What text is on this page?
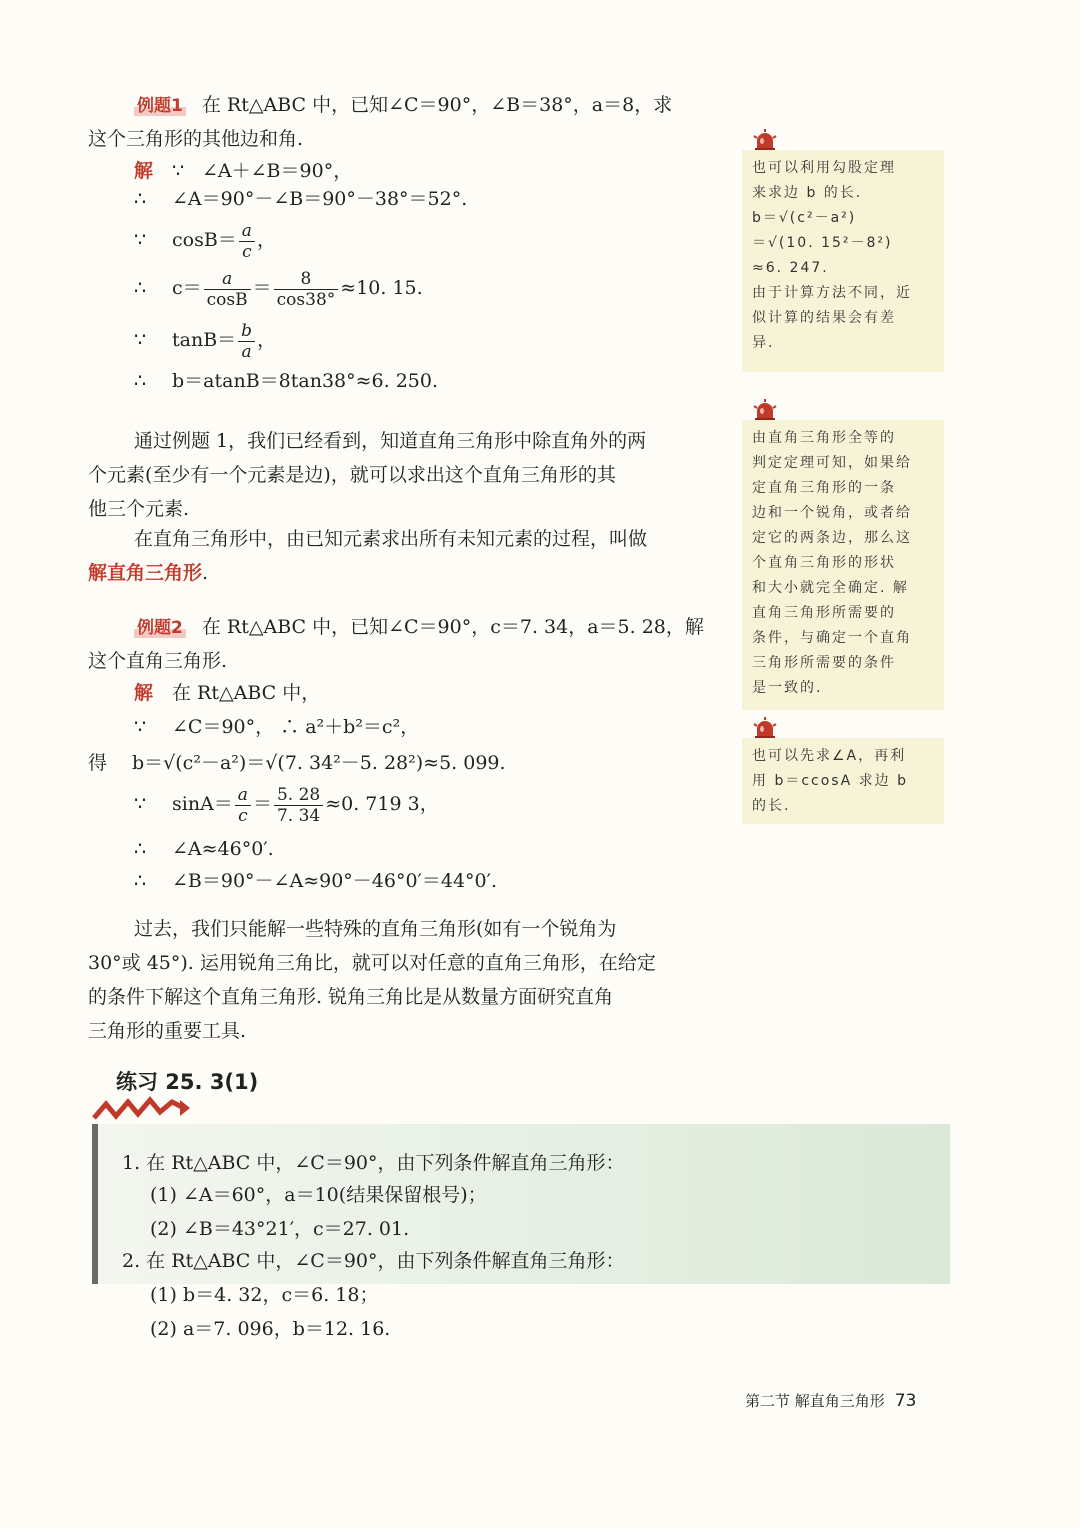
例题1 在 Rt△ABC 中，已知∠C＝90°，∠B＝38°，a＝8，求
这个三角形的其他边和角.
解 ∵ ∠A＋∠B＝90°，
∴ ∠A＝90°－∠B＝90°－38°＝52°.
∵ $\cos B= \frac{a}{c}$ ，
∴ $c= \frac{a}{\cos B} = \frac{8}{\cos 38^\circ} \approx 10$. 15.
∵ $\tan B= \frac{b}{a}$ ，
∴ b＝atanB＝8tan38°≈6. 250.
通过例题 1，我们已经看到，知道直角三角形中除直角外的两
个元素(至少有一个元素是边)，就可以求出这个直角三角形的其
他三个元素.
在直角三角形中，由已知元素求出所有未知元素的过程，叫做
解直角三角形.
例题2 在 Rt△ABC 中，已知∠C＝90°，c＝7. 34，a＝5. 28，解
这个直角三角形.
解 在 Rt△ABC 中，
∵ ∠C＝90°， ∴ a²＋b²＝c²，
得 b＝√(c²－a²)＝√(7. 34²－5. 28²)≈5. 099.
∵ $\sin A= \frac{a}{c} = \frac{5. 28}{7. 34} \approx 0$. 719 3，
∴ ∠A≈46°0′.
∴ ∠B＝90°－∠A≈90°－46°0′＝44°0′.
过去，我们只能解一些特殊的直角三角形(如有一个锐角为
30°或 45°). 运用锐角三角比，就可以对任意的直角三角形，在给定
的条件下解这个直角三角形. 锐角三角比是从数量方面研究直角
三角形的重要工具.
也可以利用勾股定理
来求边 b 的长.
b＝√(c²－a²)
＝√(10. 15²－8²)
≈6. 247.
由于计算方法不同，近
似计算的结果会有差
异.
由直角三角形全等的
判定定理可知，如果给
定直角三角形的一条
边和一个锐角，或者给
定它的两条边，那么这
个直角三角形的形状
和大小就完全确定. 解
直角三角形所需要的
条件，与确定一个直角
三角形所需要的条件
是一致的.
也可以先求∠A，再利
用 b＝ccosA 求边 b
的长.
练习 25. 3(1)
1. 在 Rt△ABC 中，∠C＝90°，由下列条件解直角三角形：
(1) ∠A＝60°，a＝10(结果保留根号)；
(2) ∠B＝43°21′，c＝27. 01.
2. 在 Rt△ABC 中，∠C＝90°，由下列条件解直角三角形：
(1) b＝4. 32，c＝6. 18；
(2) a＝7. 096，b＝12. 16.
第二节 解直角三角形 73
